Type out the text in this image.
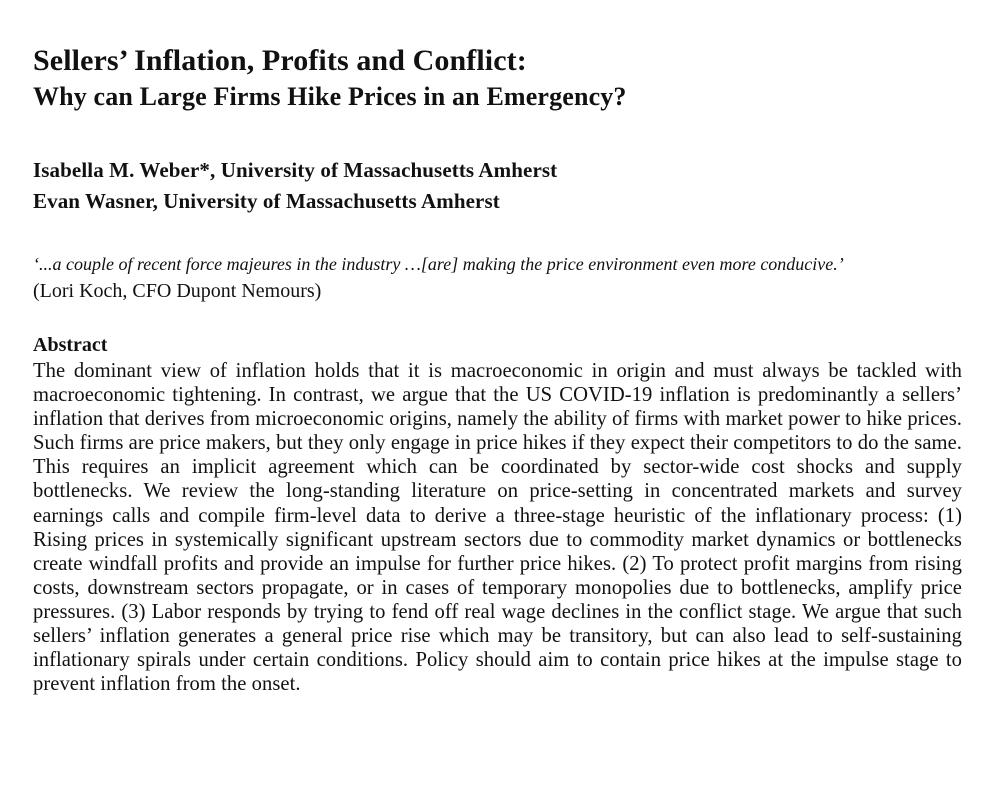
Sellers’ Inflation, Profits and Conflict:
Why can Large Firms Hike Prices in an Emergency?
Isabella M. Weber*, University of Massachusetts Amherst
Evan Wasner, University of Massachusetts Amherst
‘...a couple of recent force majeures in the industry …[are] making the price environment even more conducive.’
(Lori Koch, CFO Dupont Nemours)
Abstract

The dominant view of inflation holds that it is macroeconomic in origin and must always be tackled with macroeconomic tightening. In contrast, we argue that the US COVID-19 inflation is predominantly a sellers’ inflation that derives from microeconomic origins, namely the ability of firms with market power to hike prices. Such firms are price makers, but they only engage in price hikes if they expect their competitors to do the same. This requires an implicit agreement which can be coordinated by sector-wide cost shocks and supply bottlenecks. We review the long-standing literature on price-setting in concentrated markets and survey earnings calls and compile firm-level data to derive a three-stage heuristic of the inflationary process: (1) Rising prices in systemically significant upstream sectors due to commodity market dynamics or bottlenecks create windfall profits and provide an impulse for further price hikes. (2) To protect profit margins from rising costs, downstream sectors propagate, or in cases of temporary monopolies due to bottlenecks, amplify price pressures. (3) Labor responds by trying to fend off real wage declines in the conflict stage. We argue that such sellers’ inflation generates a general price rise which may be transitory, but can also lead to self-sustaining inflationary spirals under certain conditions. Policy should aim to contain price hikes at the impulse stage to prevent inflation from the onset.
